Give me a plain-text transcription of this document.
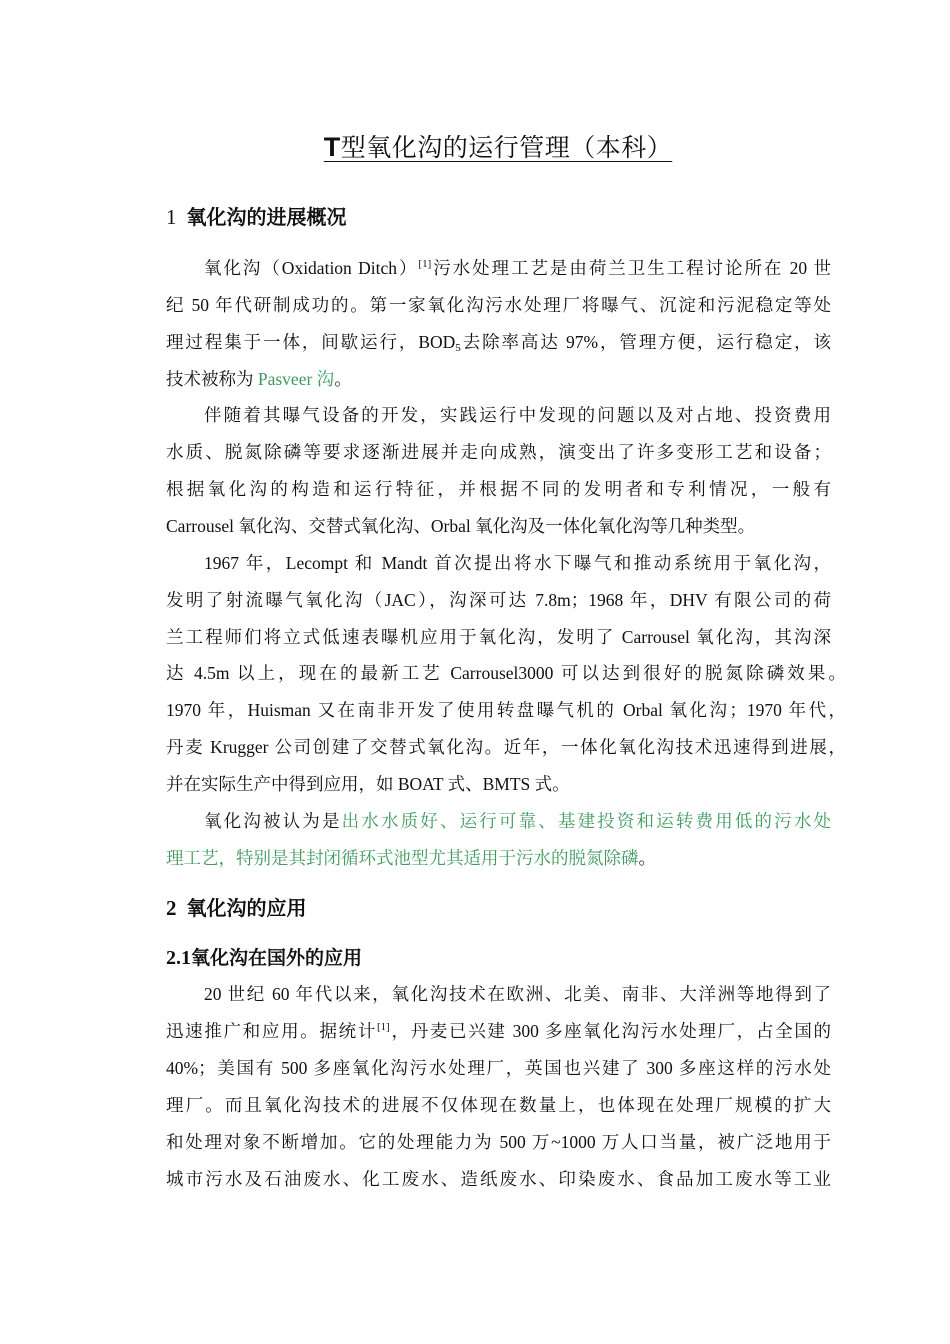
T型氧化沟的运行管理（本科）
1 氧化沟的进展概况
氧化沟（Oxidation Ditch）[1]污水处理工艺是由荷兰卫生工程讨论所在 20 世
纪 50 年代研制成功的。第一家氧化沟污水处理厂将曝气、沉淀和污泥稳定等处
理过程集于一体，间歇运行，$BOD_5$去除率高达 97%，管理方便，运行稳定，该
技术被称为 Pasveer 沟。
伴随着其曝气设备的开发，实践运行中发现的问题以及对占地、投资费用
水质、脱氮除磷等要求逐渐进展并走向成熟，演变出了许多变形工艺和设备；
根据氧化沟的构造和运行特征，并根据不同的发明者和专利情况，一般有
Carrousel 氧化沟、交替式氧化沟、Orbal 氧化沟及一体化氧化沟等几种类型。
1967 年，Lecompt 和 Mandt 首次提出将水下曝气和推动系统用于氧化沟，
发明了射流曝气氧化沟（JAC），沟深可达 7.8m；1968 年，DHV 有限公司的荷
兰工程师们将立式低速表曝机应用于氧化沟，发明了 Carrousel 氧化沟，其沟深
达 4.5m 以上，现在的最新工艺 Carrousel3000 可以达到很好的脱氮除磷效果。
1970 年，Huisman 又在南非开发了使用转盘曝气机的 Orbal 氧化沟；1970 年代，
丹麦 Krugger 公司创建了交替式氧化沟。近年，一体化氧化沟技术迅速得到进展，
并在实际生产中得到应用，如 BOAT 式、BMTS 式。
氧化沟被认为是出水水质好、运行可靠、基建投资和运转费用低的污水处
理工艺，特别是其封闭循环式池型尤其适用于污水的脱氮除磷。
2 氧化沟的应用
2.1氧化沟在国外的应用
20 世纪 60 年代以来，氧化沟技术在欧洲、北美、南非、大洋洲等地得到了
迅速推广和应用。据统计[1]，丹麦已兴建 300 多座氧化沟污水处理厂，占全国的
40%；美国有 500 多座氧化沟污水处理厂，英国也兴建了 300 多座这样的污水处
理厂。而且氧化沟技术的进展不仅体现在数量上，也体现在处理厂规模的扩大
和处理对象不断增加。它的处理能力为 500 万~1000 万人口当量，被广泛地用于
城市污水及石油废水、化工废水、造纸废水、印染废水、食品加工废水等工业
